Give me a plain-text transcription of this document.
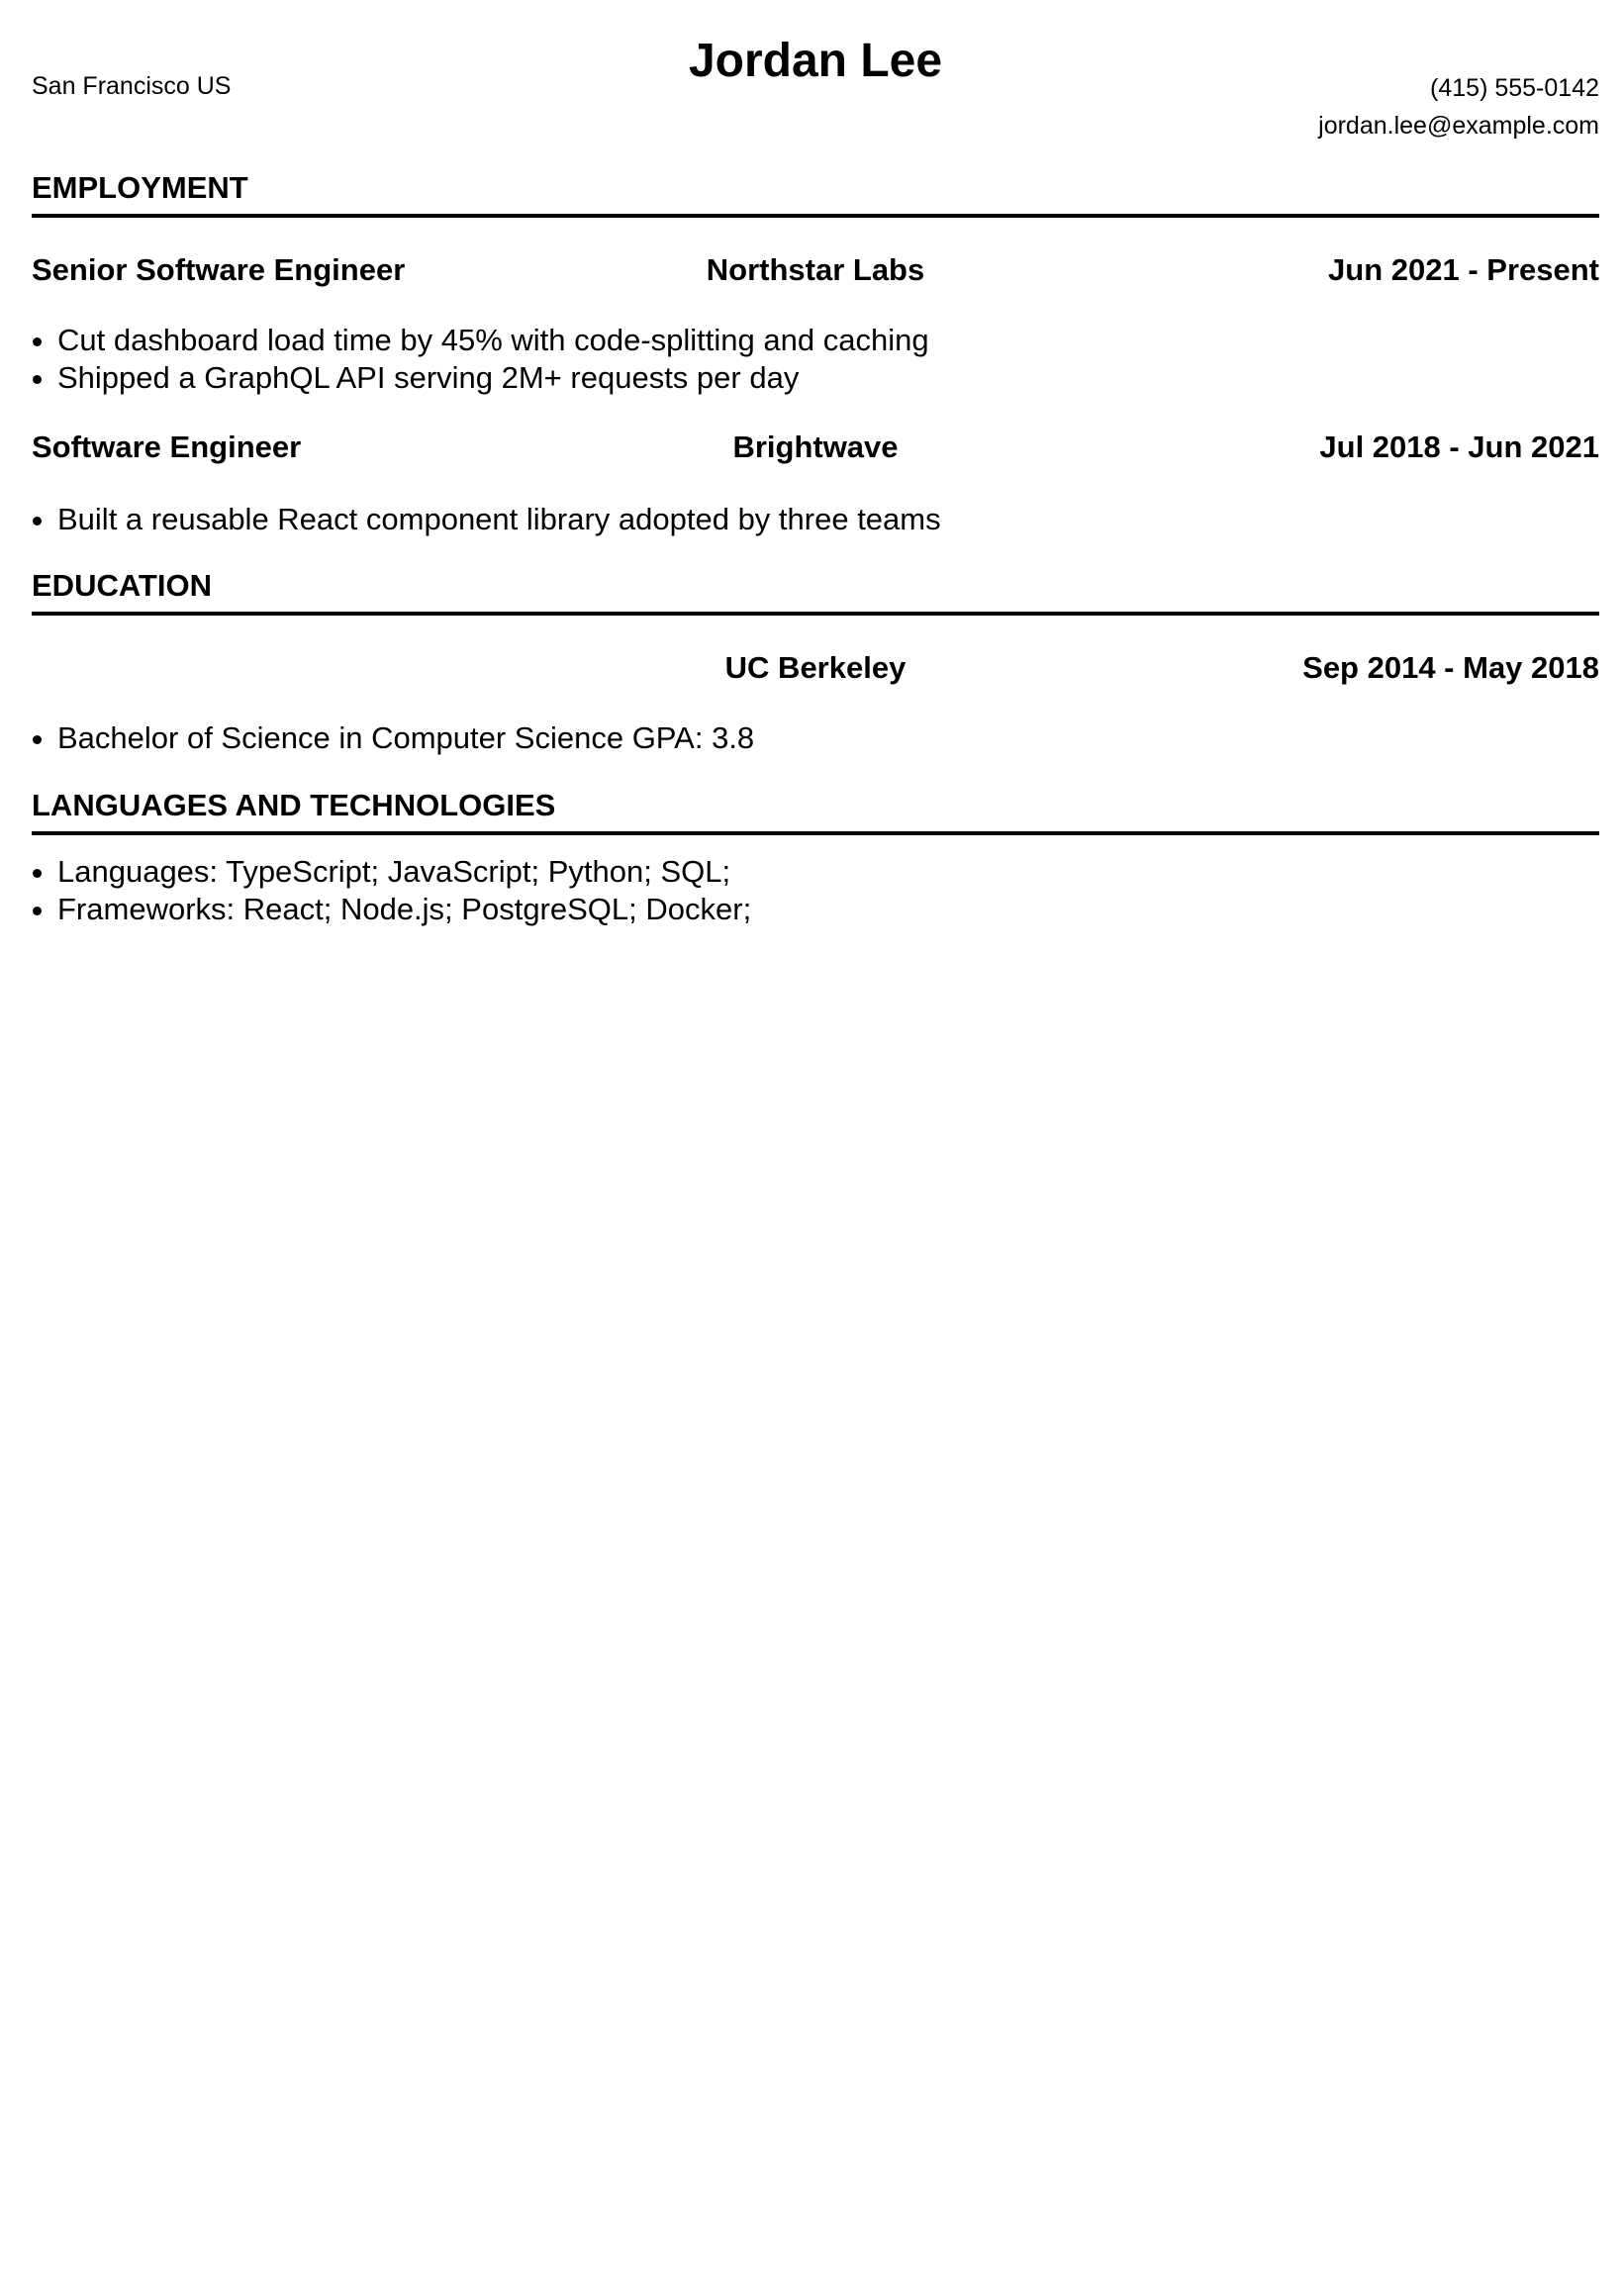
San Francisco US	Jordan Lee
(415) 555-0142
jordan.lee@example.com
EMPLOYMENT
Senior Software Engineer	Northstar Labs	Jun 2021 - Present
• Cut dashboard load time by 45% with code-splitting and caching
• Shipped a GraphQL API serving 2M+ requests per day
Software Engineer	Brightwave	Jul 2018 - Jun 2021
• Built a reusable React component library adopted by three teams
EDUCATION
UC Berkeley	Sep 2014 - May 2018
• Bachelor of Science in Computer Science GPA: 3.8
LANGUAGES AND TECHNOLOGIES
• Languages: TypeScript; JavaScript; Python; SQL;
• Frameworks: React; Node.js; PostgreSQL; Docker;
